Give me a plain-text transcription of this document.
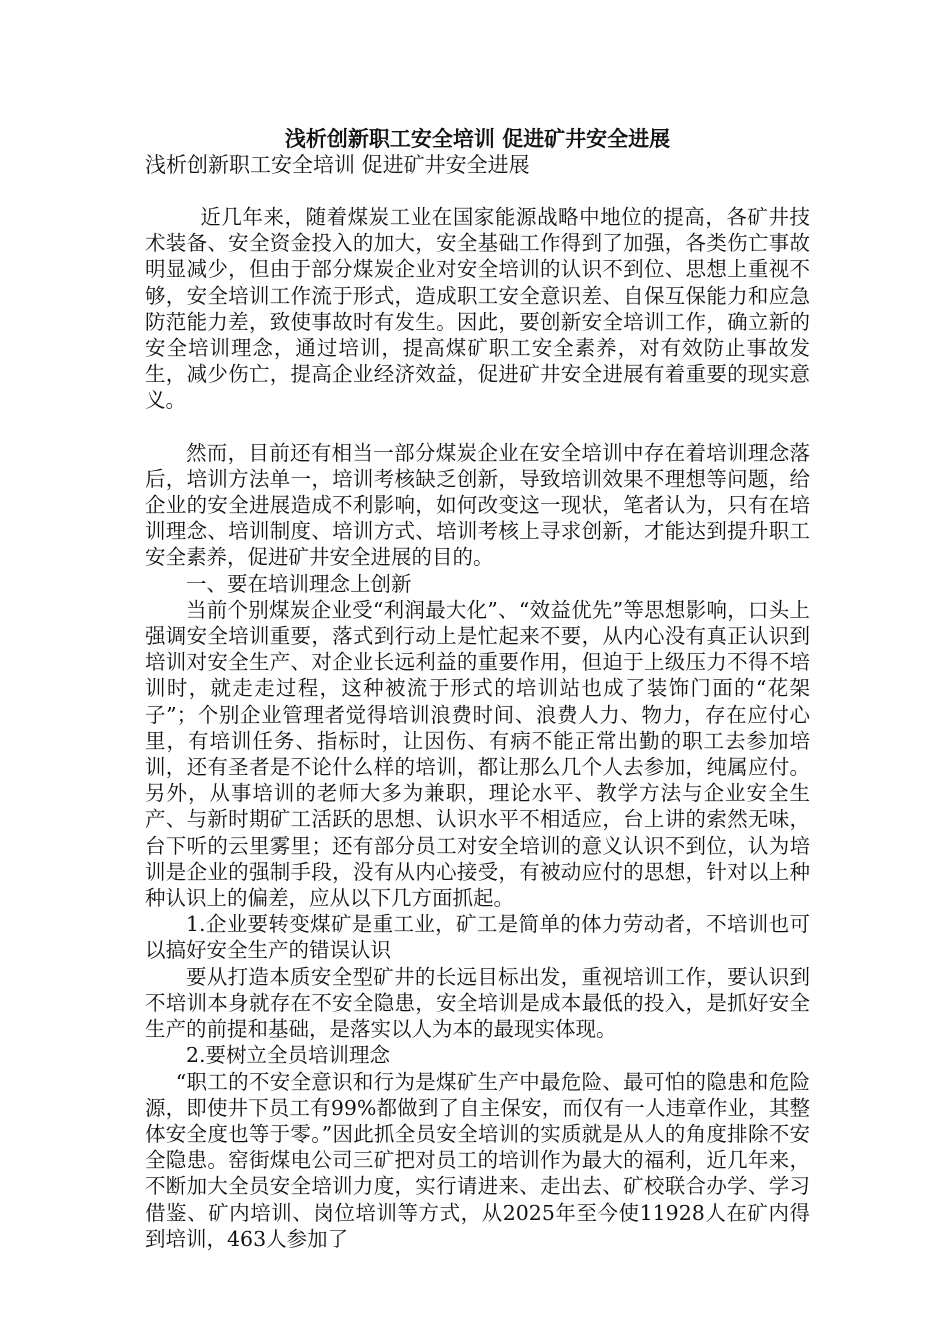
浅析创新职工安全培训 促进矿井安全进展

浅析创新职工安全培训 促进矿井安全进展

近几年来，随着煤炭工业在国家能源战略中地位的提高，各矿井技术装备、安全资金投入的加大，安全基础工作得到了加强，各类伤亡事故明显减少，但由于部分煤炭企业对安全培训的认识不到位、思想上重视不够，安全培训工作流于形式，造成职工安全意识差、自保互保能力和应急防范能力差，致使事故时有发生。因此，要创新安全培训工作，确立新的安全培训理念，通过培训，提高煤矿职工安全素养，对有效防止事故发生，减少伤亡，提高企业经济效益，促进矿井安全进展有着重要的现实意义。

然而，目前还有相当一部分煤炭企业在安全培训中存在着培训理念落后，培训方法单一，培训考核缺乏创新，导致培训效果不理想等问题，给企业的安全进展造成不利影响，如何改变这一现状，笔者认为，只有在培训理念、培训制度、培训方式、培训考核上寻求创新，才能达到提升职工安全素养，促进矿井安全进展的目的。

一、要在培训理念上创新

当前个别煤炭企业受“利润最大化”、“效益优先”等思想影响，口头上强调安全培训重要，落式到行动上是忙起来不要，从内心没有真正认识到培训对安全生产、对企业长远利益的重要作用，但迫于上级压力不得不培训时，就走走过程，这种被流于形式的培训站也成了装饰门面的“花架子”；个别企业管理者觉得培训浪费时间、浪费人力、物力，存在应付心里，有培训任务、指标时，让因伤、有病不能正常出勤的职工去参加培训，还有圣者是不论什么样的培训，都让那么几个人去参加，纯属应付。另外，从事培训的老师大多为兼职，理论水平、教学方法与企业安全生产、与新时期矿工活跃的思想、认识水平不相适应，台上讲的索然无味，台下听的云里雾里；还有部分员工对安全培训的意义认识不到位，认为培训是企业的强制手段，没有从内心接受，有被动应付的思想，针对以上种种认识上的偏差，应从以下几方面抓起。

1.企业要转变煤矿是重工业，矿工是简单的体力劳动者，不培训也可以搞好安全生产的错误认识

要从打造本质安全型矿井的长远目标出发，重视培训工作，要认识到不培训本身就存在不安全隐患，安全培训是成本最低的投入，是抓好安全生产的前提和基础，是落实以人为本的最现实体现。

2.要树立全员培训理念

“职工的不安全意识和行为是煤矿生产中最危险、最可怕的隐患和危险源，即使井下员工有99%都做到了自主保安，而仅有一人违章作业，其整体安全度也等于零。”因此抓全员安全培训的实质就是从人的角度排除不安全隐患。窑街煤电公司三矿把对员工的培训作为最大的福利，近几年来，不断加大全员安全培训力度，实行请进来、走出去、矿校联合办学、学习借鉴、矿内培训、岗位培训等方式，从2025年至今使11928人在矿内得到培训，463人参加了
